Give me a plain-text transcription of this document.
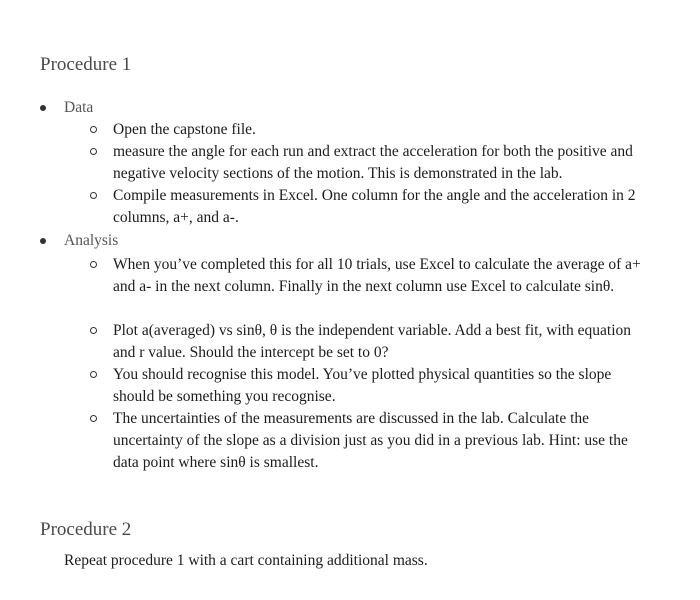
Procedure 1
Data
Open the capstone file.
measure the angle for each run and extract the acceleration for both the positive and negative velocity sections of the motion. This is demonstrated in the lab.
Compile measurements in Excel. One column for the angle and the acceleration in 2 columns, a+, and a-.
Analysis
When you’ve completed this for all 10 trials, use Excel to calculate the average of a+ and a- in the next column. Finally in the next column use Excel to calculate sinθ.
Plot a(averaged) vs sinθ, θ is the independent variable. Add a best fit, with equation and r value. Should the intercept be set to 0?
You should recognise this model. You’ve plotted physical quantities so the slope should be something you recognise.
The uncertainties of the measurements are discussed in the lab. Calculate the uncertainty of the slope as a division just as you did in a previous lab. Hint: use the data point where sinθ is smallest.
Procedure 2
Repeat procedure 1 with a cart containing additional mass.
